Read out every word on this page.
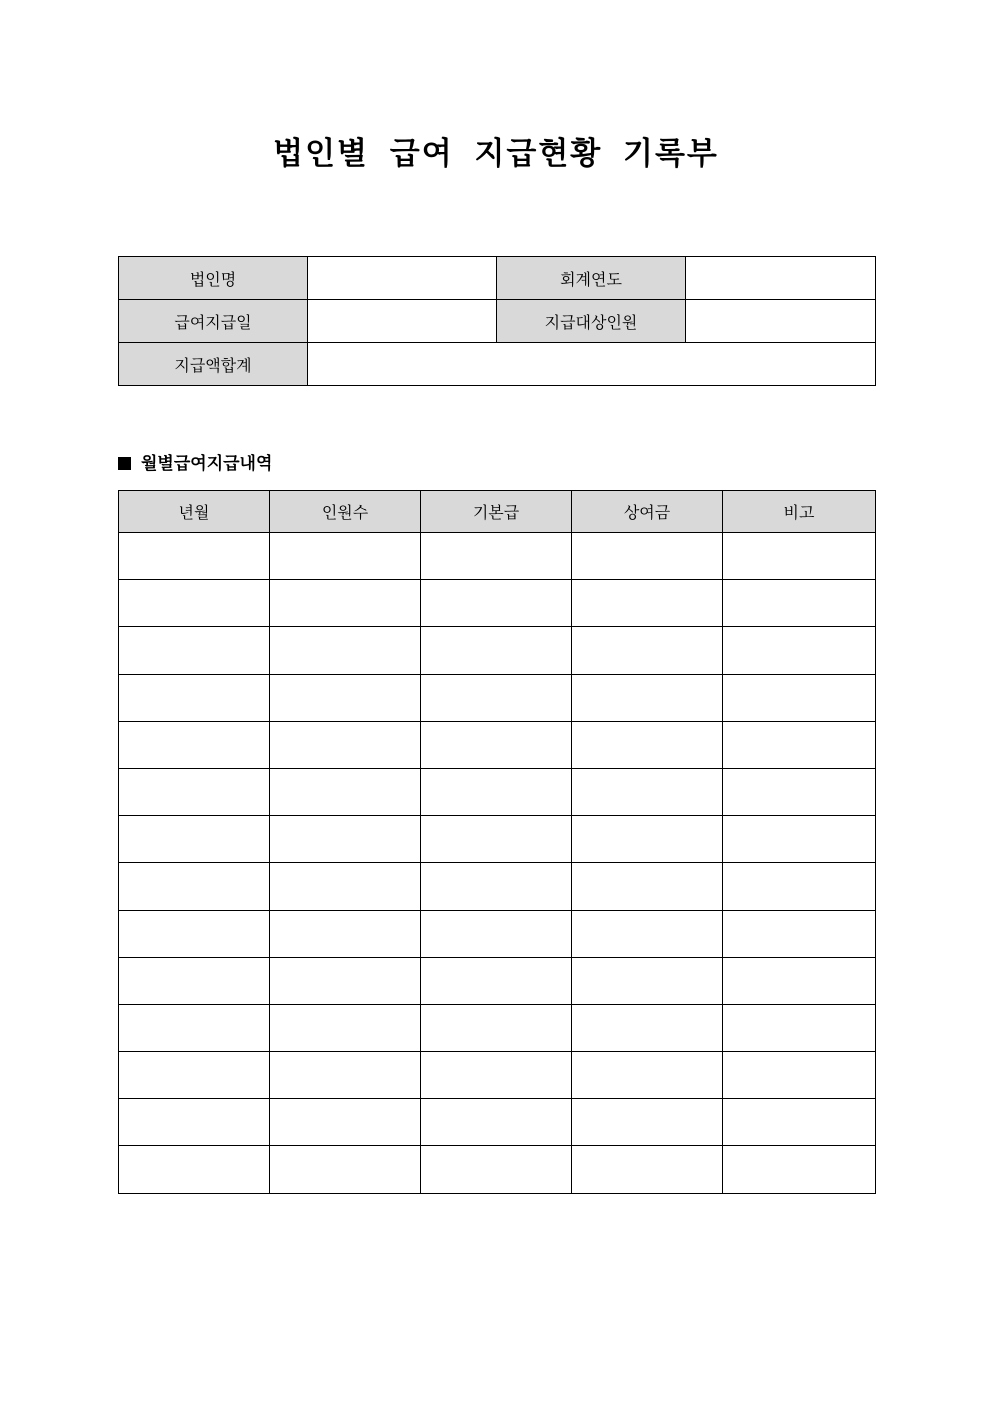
법인별 급여 지급현황 기록부
법인명		회계연도	
급여지급일		지급대상인원	
지급액합계			
월별급여지급내역
년월	인원수	기본급	상여금	비고
